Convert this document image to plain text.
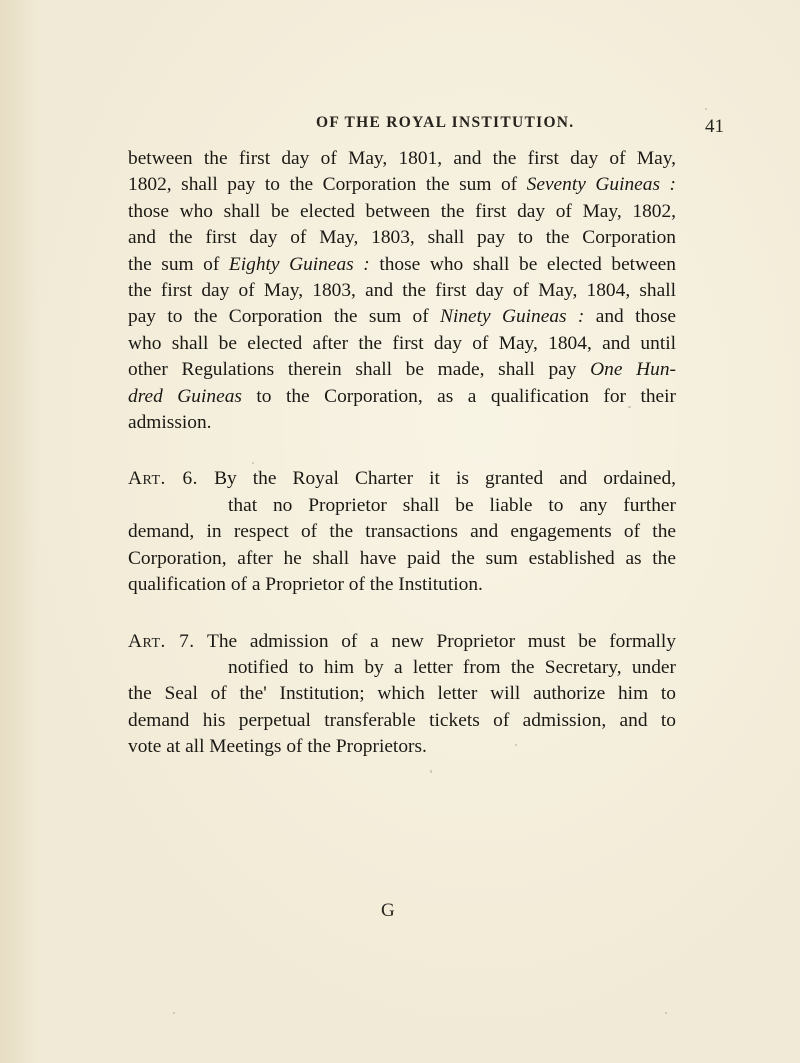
OF THE ROYAL INSTITUTION.	41

between the first day of May, 1801, and the first day of May,
1802, shall pay to the Corporation the sum of Seventy Guineas :
those who shall be elected between the first day of May, 1802,
and the first day of May, 1803, shall pay to the Corporation
the sum of Eighty Guineas : those who shall be elected between
the first day of May, 1803, and the first day of May, 1804, shall
pay to the Corporation the sum of Ninety Guineas : and those
who shall be elected after the first day of May, 1804, and until
other Regulations therein shall be made, shall pay One Hun-
dred Guineas to the Corporation, as a qualification for their
admission.

Art. 6. By the Royal Charter it is granted and ordained,
that no Proprietor shall be liable to any further
demand, in respect of the transactions and engagements of the
Corporation, after he shall have paid the sum established as the
qualification of a Proprietor of the Institution.

Art. 7. The admission of a new Proprietor must be formally
notified to him by a letter from the Secretary, under
the Seal of the' Institution; which letter will authorize him to
demand his perpetual transferable tickets of admission, and to
vote at all Meetings of the Proprietors.

G
